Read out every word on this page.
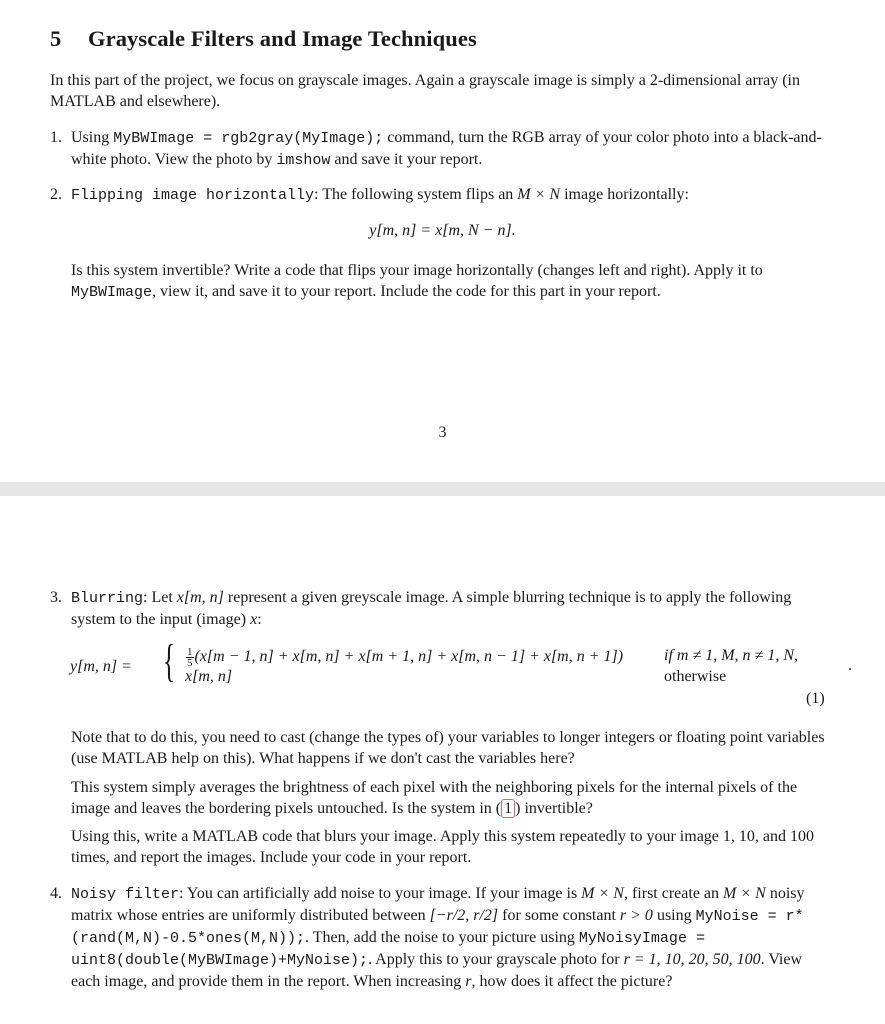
5 Grayscale Filters and Image Techniques

In this part of the project, we focus on grayscale images. Again a grayscale image is simply a 2-dimensional array (in MATLAB and elsewhere).

1. Using MyBWImage = rgb2gray(MyImage); command, turn the RGB array of your color photo into a black-and-white photo. View the photo by imshow and save it your report.
2. Flipping image horizontally: The following system flips an M × N image horizontally:
y[m, n] = x[m, N − n].

Is this system invertible? Write a code that flips your image horizontally (changes left and right). Apply it to MyBWImage, view it, and save it to your report. Include the code for this part in your report.

3
3. Blurring: Let x[m, n] represent a given greyscale image. A simple blurring technique is to apply the following system to the input (image) x:
y[m, n] = { $\frac{1}{5} (x[m - 1$, n] + x[m, n] + x[m + 1, n] + x[m, n − 1] + x[m, n + 1])	if m ≠ 1, M, n ≠ 1, N,
x[m, n]	otherwise
.
(1)

Note that to do this, you need to cast (change the types of) your variables to longer integers or floating point variables (use MATLAB help on this). What happens if we don't cast the variables here?

This system simply averages the brightness of each pixel with the neighboring pixels for the internal pixels of the image and leaves the bordering pixels untouched. Is the system in ( 1 ) invertible?

Using this, write a MATLAB code that blurs your image. Apply this system repeatedly to your image 1, 10, and 100 times, and report the images. Include your code in your report.

4. Noisy filter: You can artificially add noise to your image. If your image is M × N, first create an M × N noisy matrix whose entries are uniformly distributed between [−r/2, r/2] for some constant r > 0 using MyNoise = r*(rand(M,N)-0.5*ones(M,N));. Then, add the noise to your picture using MyNoisyImage = uint8(double(MyBWImage)+MyNoise);. Apply this to your grayscale photo for r = 1, 10, 20, 50, 100. View each image, and provide them in the report. When increasing r, how does it affect the picture?
